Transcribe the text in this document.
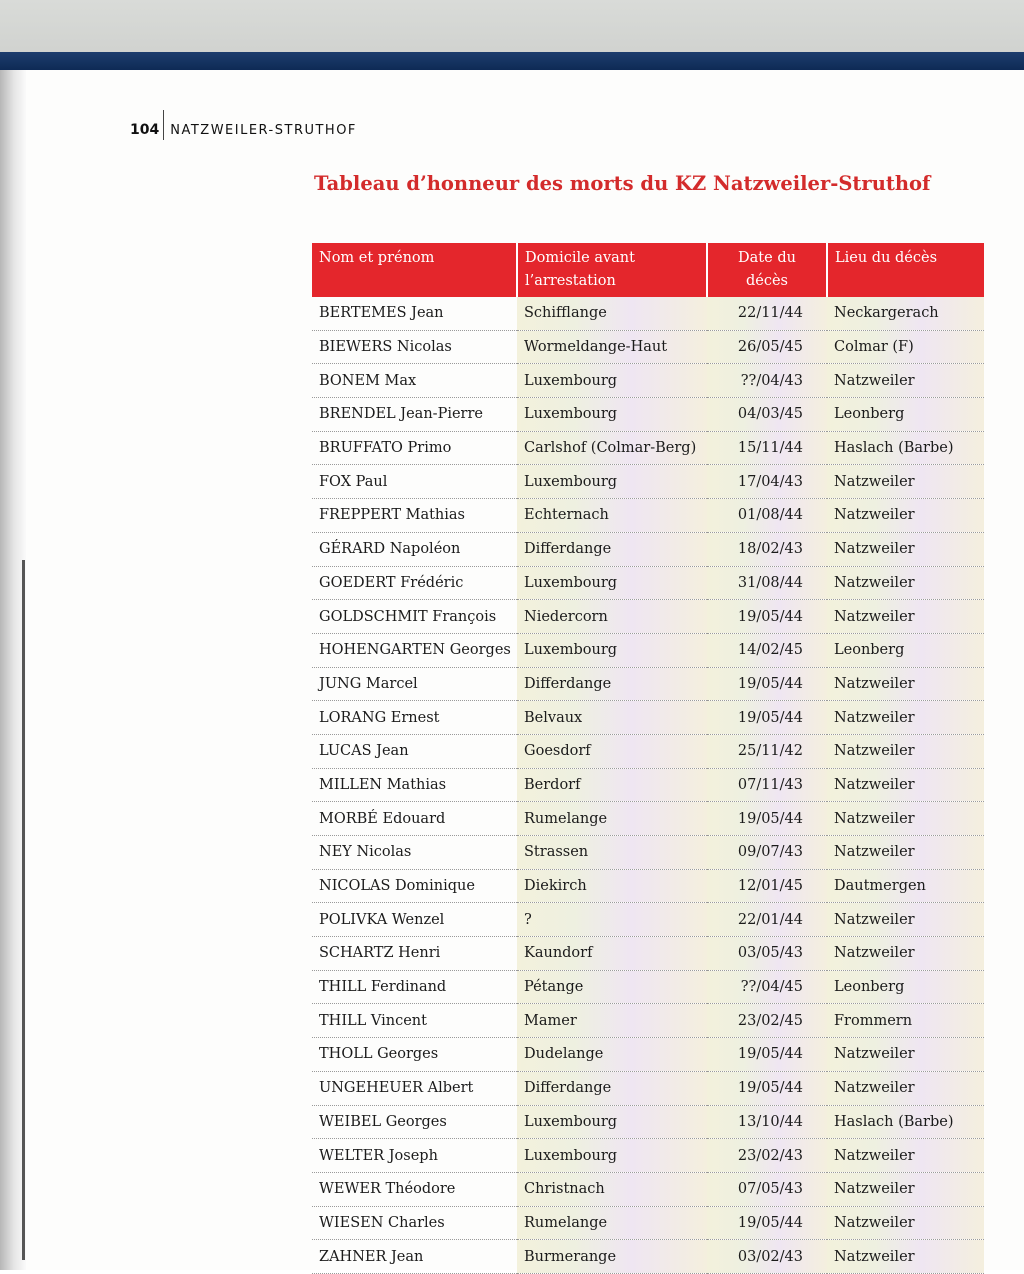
104 NATZWEILER-STRUTHOF
Tableau d’honneur des morts du KZ Natzweiler-Struthof
Nom et prénom	Domicile avant l’arrestation	Date du décès	Lieu du décès
BERTEMES Jean	Schifflange	22/11/44	Neckargerach
BIEWERS Nicolas	Wormeldange-Haut	26/05/45	Colmar (F)
BONEM Max	Luxembourg	??/04/43	Natzweiler
BRENDEL Jean-Pierre	Luxembourg	04/03/45	Leonberg
BRUFFATO Primo	Carlshof (Colmar-Berg)	15/11/44	Haslach (Barbe)
FOX Paul	Luxembourg	17/04/43	Natzweiler
FREPPERT Mathias	Echternach	01/08/44	Natzweiler
GÉRARD Napoléon	Differdange	18/02/43	Natzweiler
GOEDERT Frédéric	Luxembourg	31/08/44	Natzweiler
GOLDSCHMIT François	Niedercorn	19/05/44	Natzweiler
HOHENGARTEN Georges	Luxembourg	14/02/45	Leonberg
JUNG Marcel	Differdange	19/05/44	Natzweiler
LORANG Ernest	Belvaux	19/05/44	Natzweiler
LUCAS Jean	Goesdorf	25/11/42	Natzweiler
MILLEN Mathias	Berdorf	07/11/43	Natzweiler
MORBÉ Edouard	Rumelange	19/05/44	Natzweiler
NEY Nicolas	Strassen	09/07/43	Natzweiler
NICOLAS Dominique	Diekirch	12/01/45	Dautmergen
POLIVKA Wenzel	?	22/01/44	Natzweiler
SCHARTZ Henri	Kaundorf	03/05/43	Natzweiler
THILL Ferdinand	Pétange	??/04/45	Leonberg
THILL Vincent	Mamer	23/02/45	Frommern
THOLL Georges	Dudelange	19/05/44	Natzweiler
UNGEHEUER Albert	Differdange	19/05/44	Natzweiler
WEIBEL Georges	Luxembourg	13/10/44	Haslach (Barbe)
WELTER Joseph	Luxembourg	23/02/43	Natzweiler
WEWER Théodore	Christnach	07/05/43	Natzweiler
WIESEN Charles	Rumelange	19/05/44	Natzweiler
ZAHNER Jean	Burmerange	03/02/43	Natzweiler
